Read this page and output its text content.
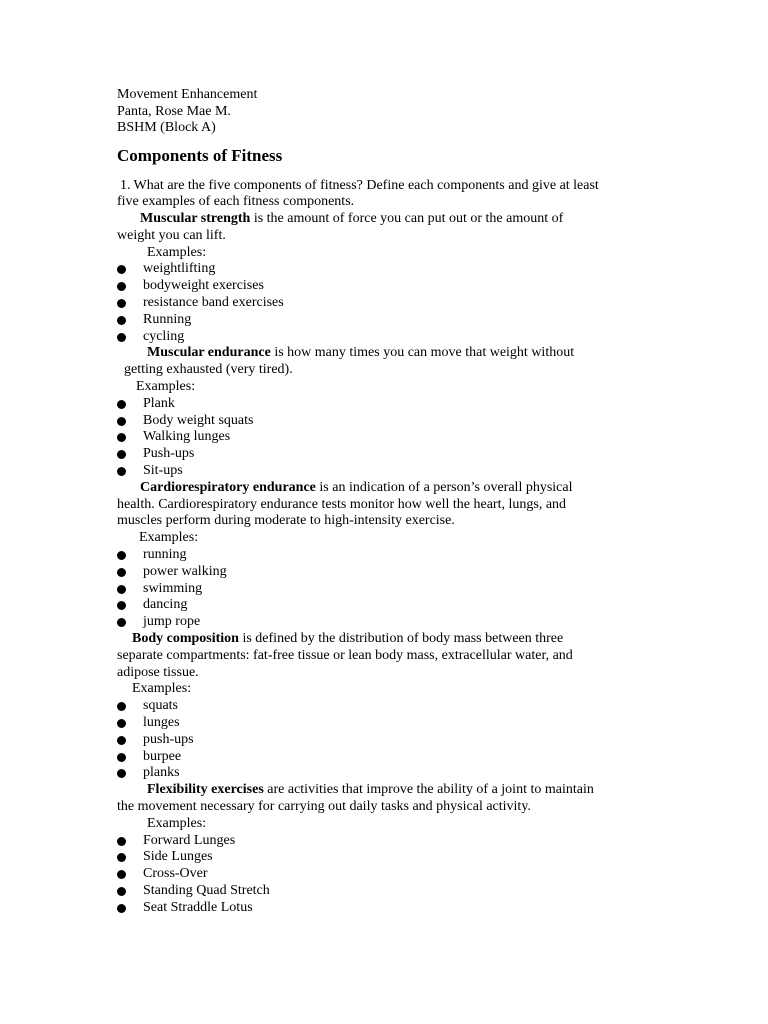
Movement Enhancement
Panta, Rose Mae M.
BSHM (Block A)
Components of Fitness
1. What are the five components of fitness? Define each components and give at least
five examples of each fitness components.
Muscular strength is the amount of force you can put out or the amount of
weight you can lift.
Examples:
weightlifting
bodyweight exercises
resistance band exercises
Running
cycling
Muscular endurance is how many times you can move that weight without
getting exhausted (very tired).
Examples:
Plank
Body weight squats
Walking lunges
Push-ups
Sit-ups
Cardiorespiratory endurance is an indication of a person’s overall physical
health. Cardiorespiratory endurance tests monitor how well the heart, lungs, and
muscles perform during moderate to high-intensity exercise.
Examples:
running
power walking
swimming
dancing
jump rope
Body composition is defined by the distribution of body mass between three
separate compartments: fat-free tissue or lean body mass, extracellular water, and
adipose tissue.
Examples:
squats
lunges
push-ups
burpee
planks
Flexibility exercises are activities that improve the ability of a joint to maintain
the movement necessary for carrying out daily tasks and physical activity.
Examples:
Forward Lunges
Side Lunges
Cross-Over
Standing Quad Stretch
Seat Straddle Lotus
